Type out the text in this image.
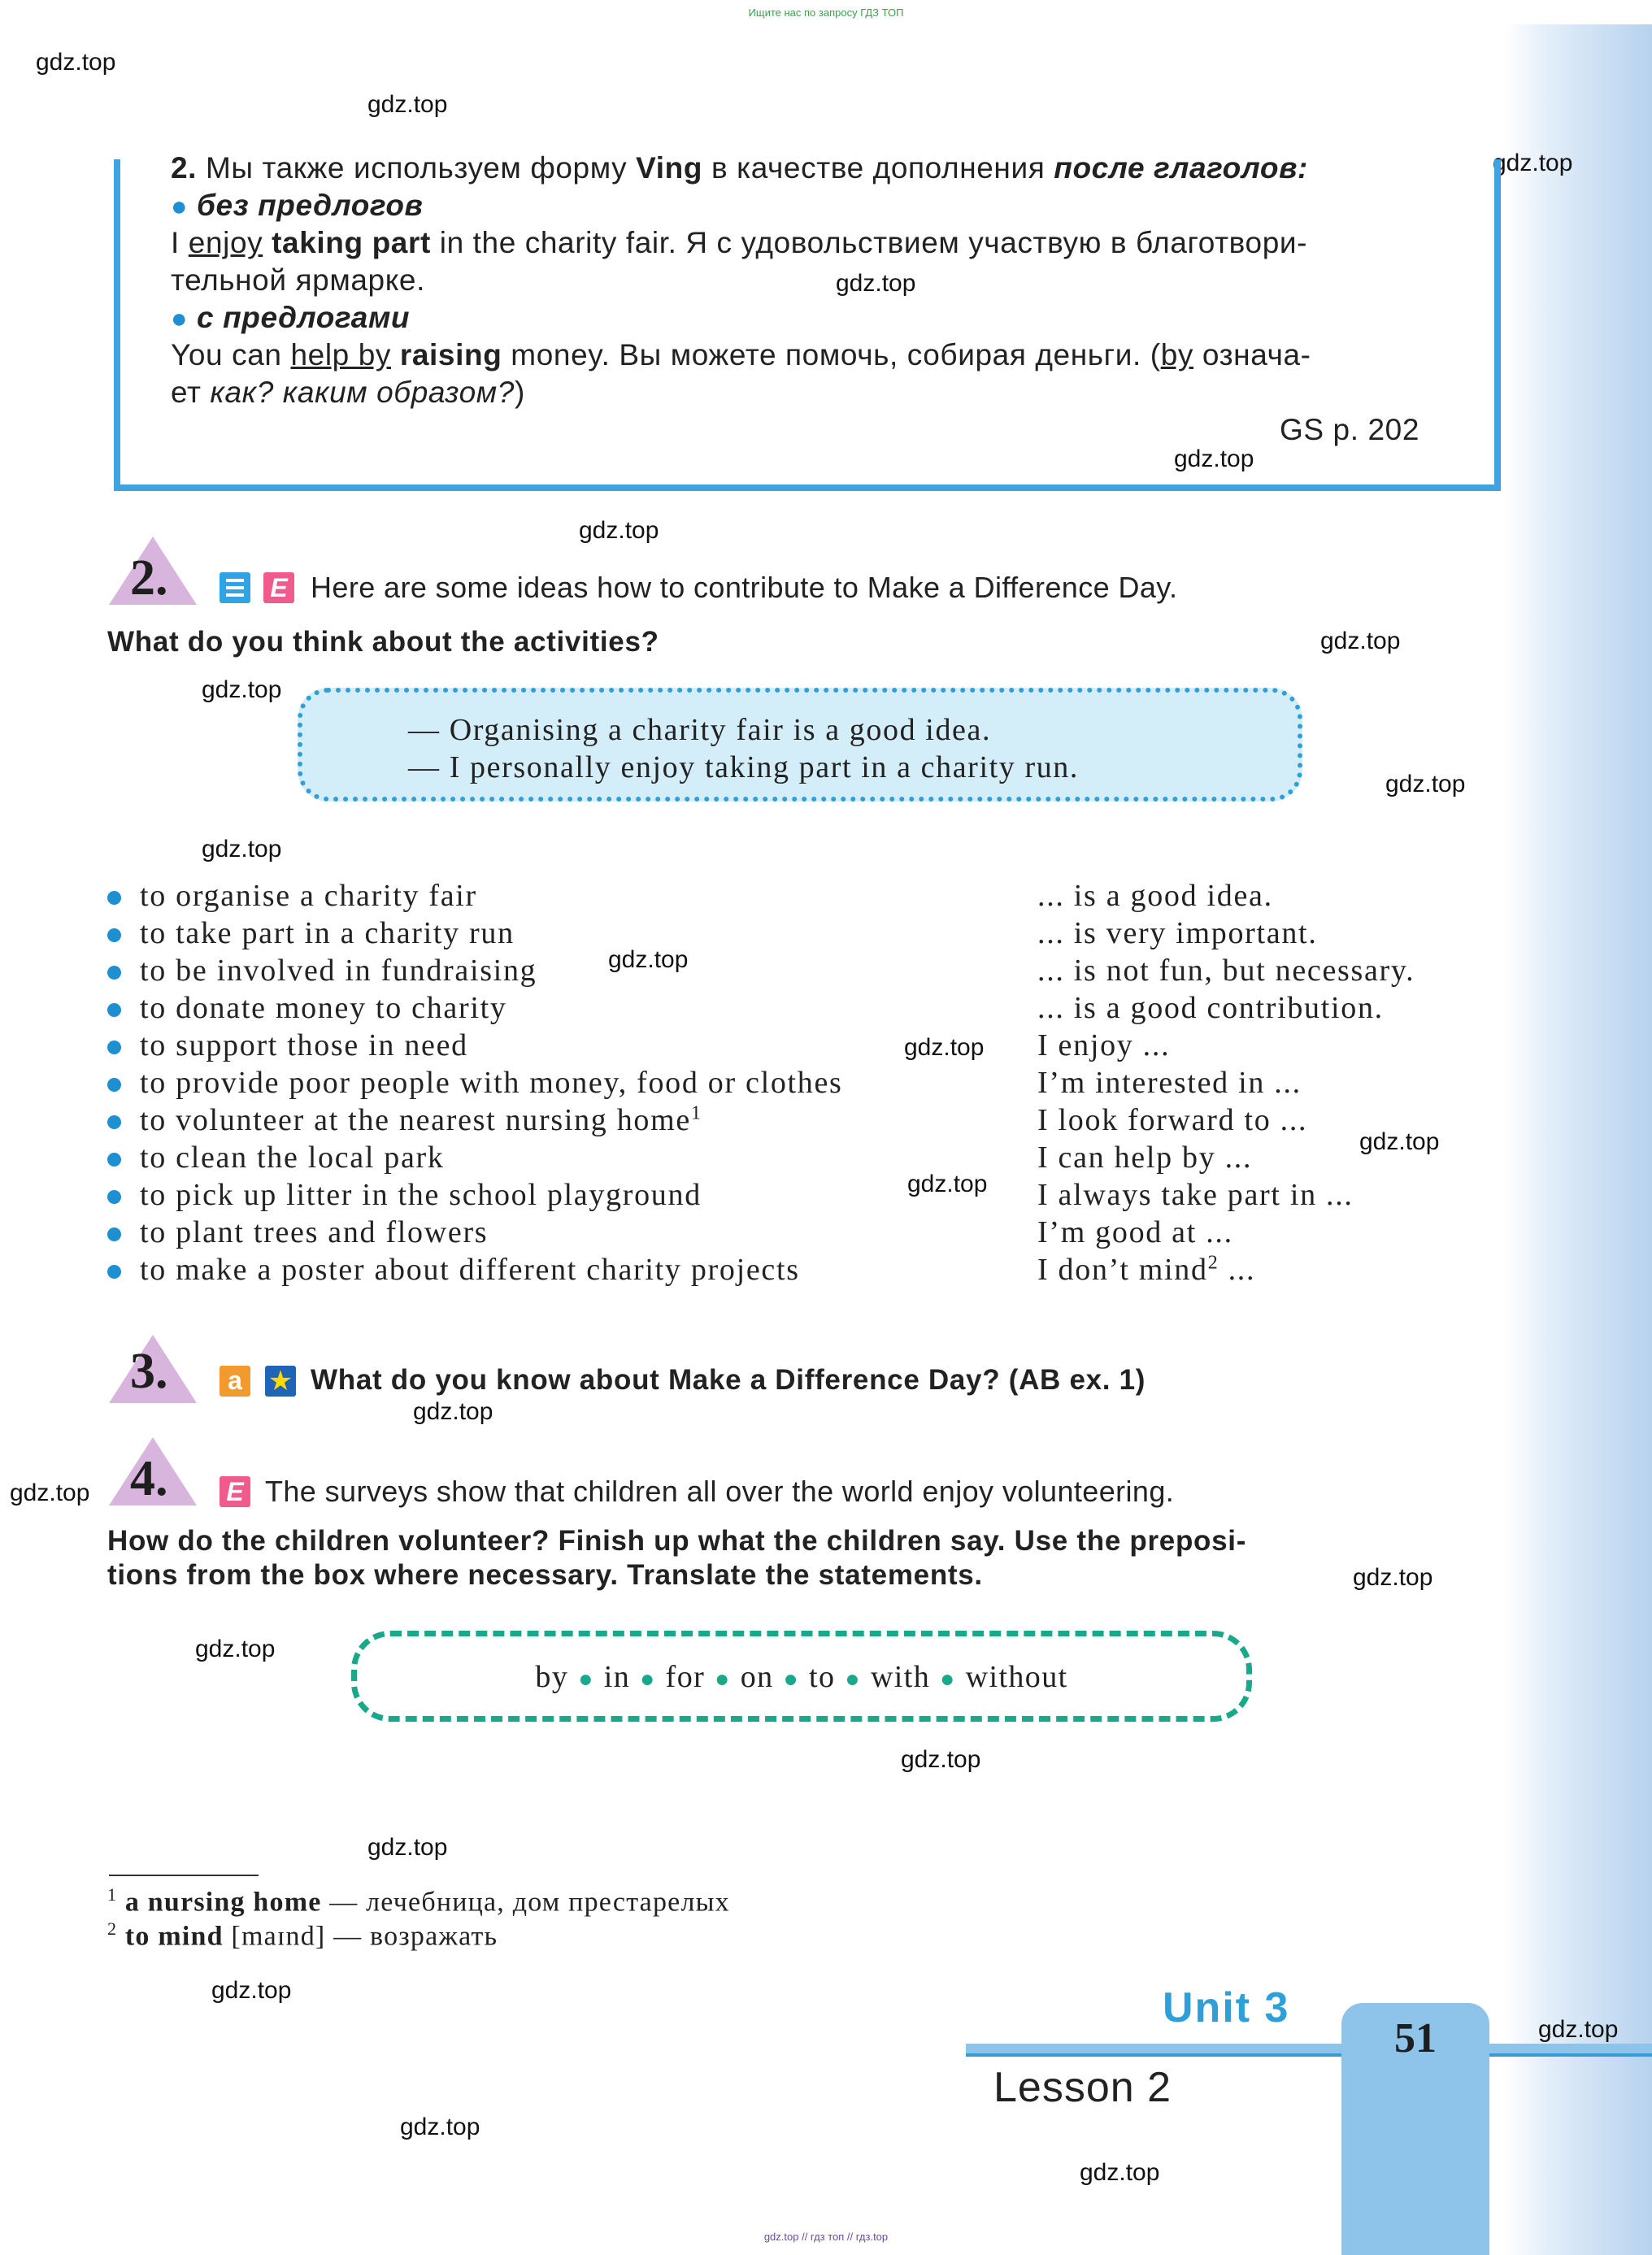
Ищите нас по запросу ГДЗ ТОП
gdz.top
gdz.top
gdz.top
gdz.top
gdz.top
gdz.top
gdz.top
gdz.top
gdz.top
gdz.top
gdz.top
gdz.top
gdz.top
gdz.top
gdz.top
gdz.top
gdz.top
gdz.top
gdz.top
gdz.top
gdz.top
gdz.top
gdz.top
gdz.top
2. Мы также используем форму Ving в качестве дополнения после глаголов:
● без предлогов
I enjoy taking part in the charity fair. Я с удовольствием участвую в благотвори-
тельной ярмарке.
● с предлогами
You can help by raising money. Вы можете помочь, собирая деньги. (by означа-
ет как? каким образом?)
GS p. 202
2.	E Here are some ideas how to contribute to Make a Difference Day.
What do you think about the activities?
— Organising a charity fair is a good idea.
— I personally enjoy taking part in a charity run.
to organise a charity fair
to take part in a charity run
to be involved in fundraising
to donate money to charity
to support those in need
to provide poor people with money, food or clothes
to volunteer at the nearest nursing home$^1$
to clean the local park
to pick up litter in the school playground
to plant trees and flowers
to make a poster about different charity projects
... is a good idea.
... is very important.
... is not fun, but necessary.
... is a good contribution.
I enjoy ...
I’m interested in ...
I look forward to ...
I can help by ...
I always take part in ...
I’m good at ...
I don’t mind$^2$ ...
3.	a ★ What do you know about Make a Difference Day? (AB ex. 1)
4. E The surveys show that children all over the world enjoy volunteering.
How do the children volunteer? Finish up what the children say. Use the preposi-
tions from the box where necessary. Translate the statements.
by ● in ● for ● on ● to ● with ● without
$^1$ a nursing home — лечебница, дом престарелых
$^2$ to mind [maɪnd] — возражать
Unit 3
Lesson 2
51
gdz.top // гдз топ // гдз.top
